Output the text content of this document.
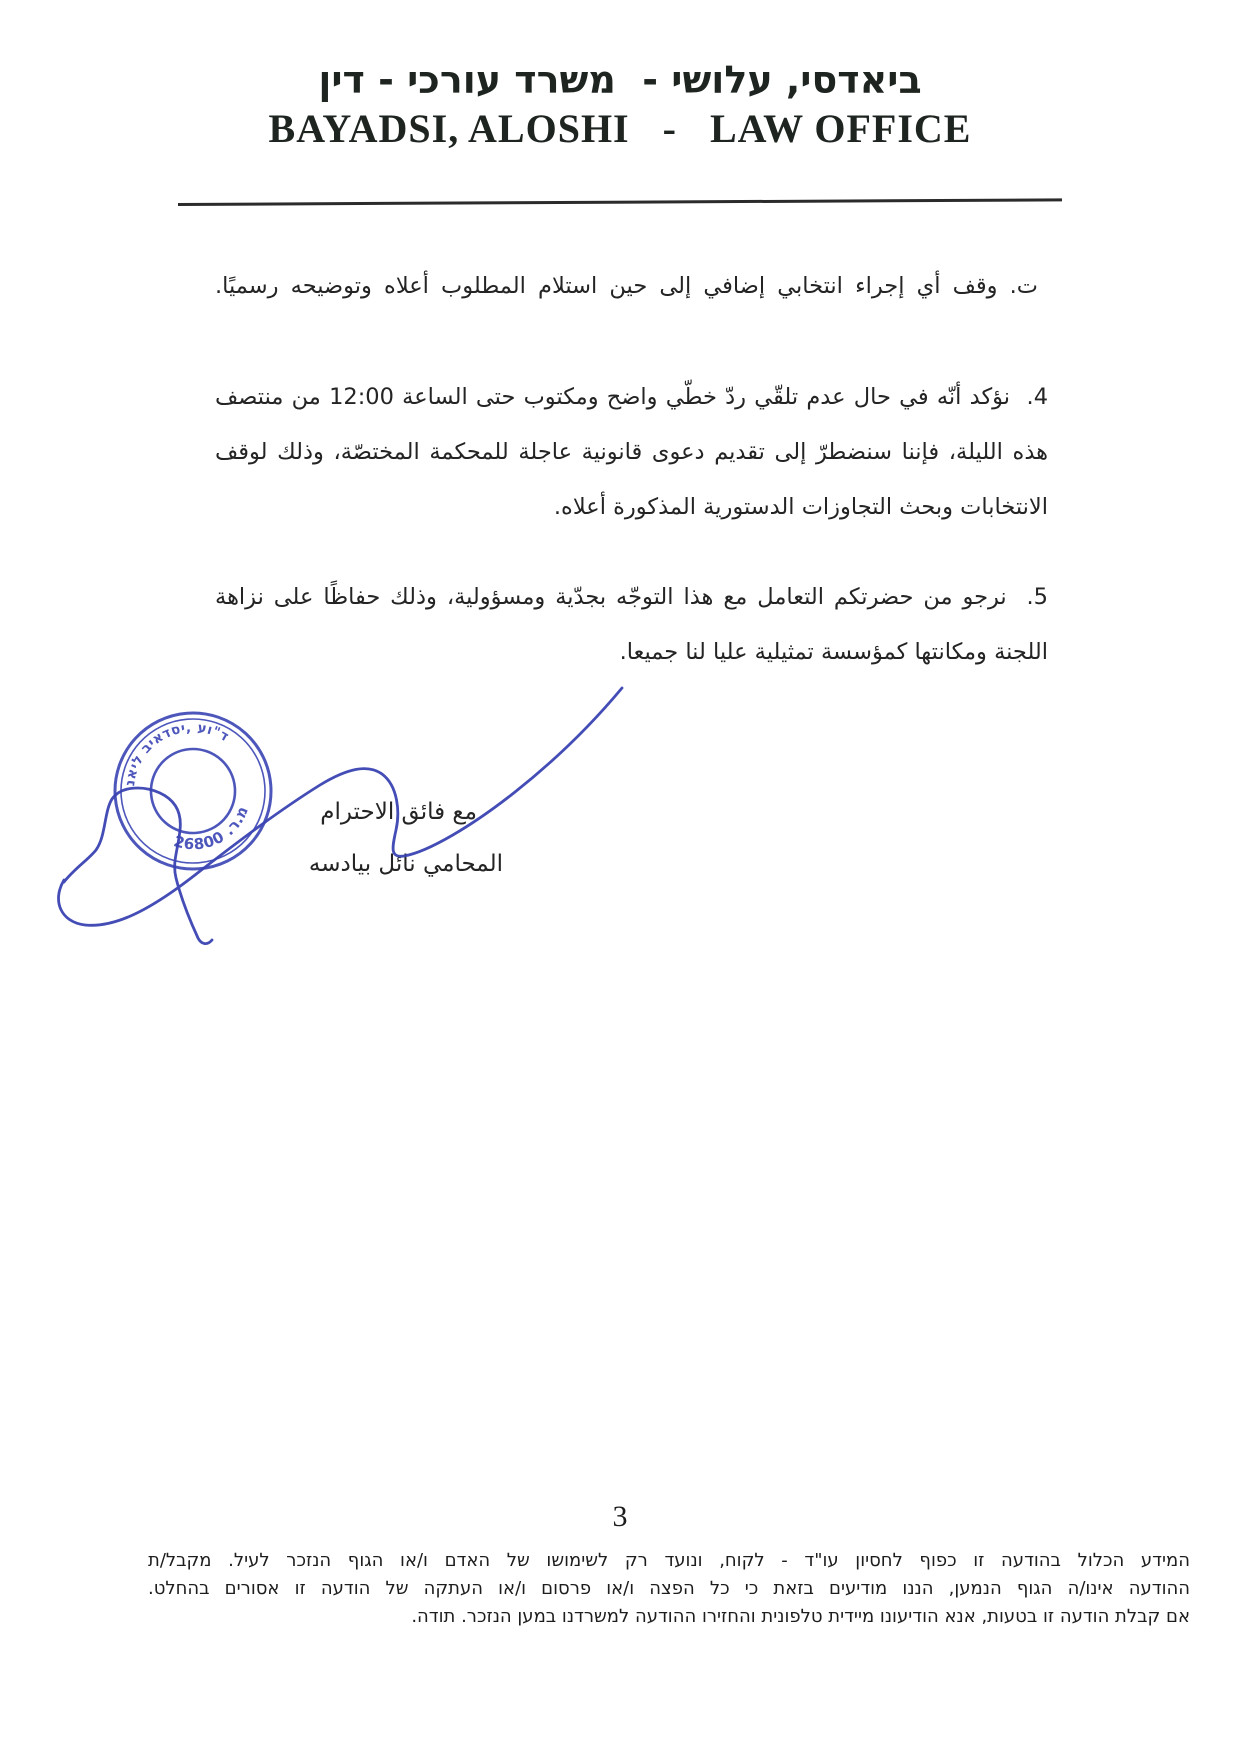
ביאדסי, עלושי -  משרד עורכי - דין
BAYADSI, ALOSHI   -   LAW OFFICE
ت. وقف أي إجراء انتخابي إضافي إلى حين استلام المطلوب أعلاه وتوضيحه رسميًا.
4.  نؤكد أنّه في حال عدم تلقّي ردّ خطّي واضح ومكتوب حتى الساعة 12:00 من منتصف
هذه الليلة، فإننا سنضطرّ إلى تقديم دعوى قانونية عاجلة للمحكمة المختصّة، وذلك لوقف
الانتخابات وبحث التجاوزات الدستورية المذكورة أعلاه.
5.  نرجو من حضرتكم التعامل مع هذا التوجّه بجدّية ومسؤولية، وذلك حفاظًا على نزاهة
اللجنة ومكانتها كمؤسسة تمثيلية عليا لنا جميعا.
مع فائق الاحترام
المحامي نائل بيادسه
נאיל ביאדסי, עו"ד
מ.ר. 26800
3
המידע הכלול בהודעה זו כפוף לחסיון עו"ד - לקוח, ונועד רק לשימושו של האדם ו/או הגוף הנזכר לעיל. מקבל/ת
ההודעה אינו/ה הגוף הנמען, הננו מודיעים בזאת כי כל הפצה ו/או פרסום ו/או העתקה של הודעה זו אסורים בהחלט.
אם קבלת הודעה זו בטעות, אנא הודיעונו מיידית טלפונית והחזירו ההודעה למשרדנו במען הנזכר. תודה.
